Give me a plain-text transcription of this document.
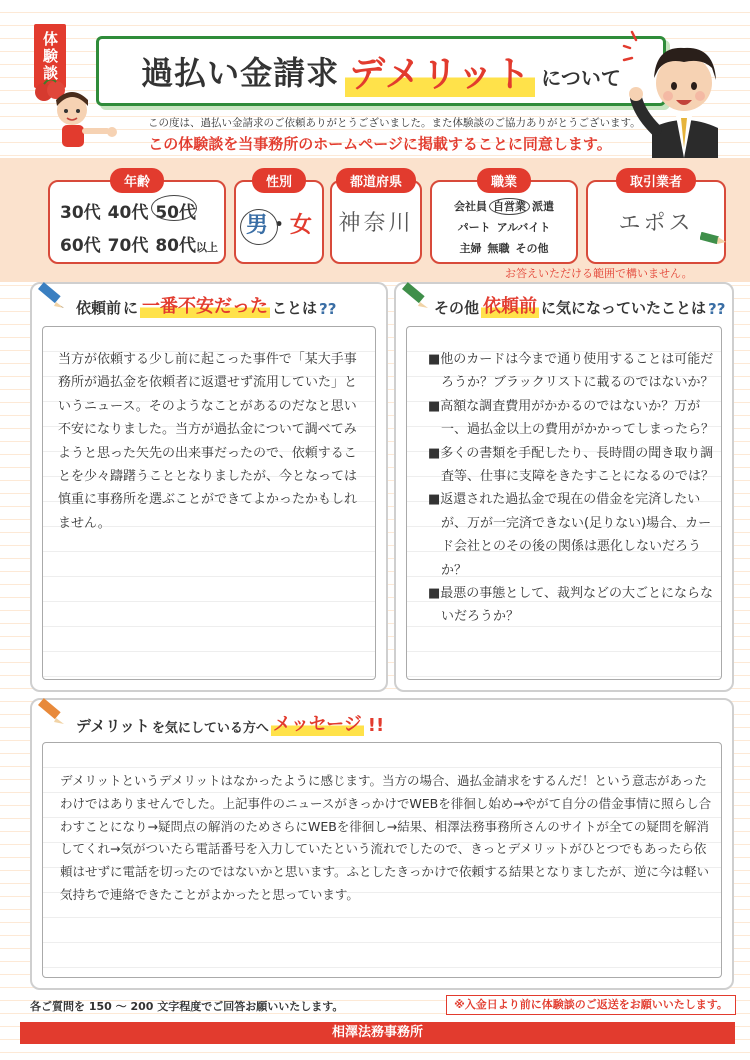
体験談	過払い金請求 デメリット について
この度は、過払い金請求のご依頼ありがとうございました。また体験談のご協力ありがとうございます。
この体験談を当事務所のホームページに掲載することに同意します。
年齢
30代 40代 50代
60代 70代 80代以上
性別
男・女
都道府県
神奈川
職業
会社員 自営業 派遣
パート アルバイト
主婦 無職 その他
取引業者
エポス
お答えいただける範囲で構いません。
依頼前 に 一番不安だった ことは ??
当方が依頼する少し前に起こった事件で「某大手事務所が過払金を依頼者に返還せず流用していた」というニュース。そのようなことがあるのだなと思い不安になりました。当方が過払金について調べてみようと思った矢先の出来事だったので、依頼することを少々躊躇うこととなりましたが、今となっては慎重に事務所を選ぶことができてよかったかもしれません。
その他 依頼前 に気になっていたことは ??
■他のカードは今まで通り使用することは可能だろうか？ブラックリストに載るのではないか？
■高額な調査費用がかかるのではないか？万が一、過払金以上の費用がかかってしまったら？
■多くの書類を手配したり、長時間の聞き取り調査等、仕事に支障をきたすことになるのでは？
■返還された過払金で現在の借金を完済したいが、万が一完済できない(足りない)場合、カード会社とのその後の関係は悪化しないだろうか？
■最悪の事態として、裁判などの大ごとにならないだろうか？
デメリット を気にしている方へ メッセージ !!
デメリットというデメリットはなかったように感じます。当方の場合、過払金請求をするんだ！という意志があったわけではありませんでした。上記事件のニュースがきっかけでWEBを徘徊し始め→やがて自分の借金事情に照らし合わすことになり→疑問点の解消のためさらにWEBを徘徊し→結果、相澤法務事務所さんのサイトが全ての疑問を解消してくれ→気がついたら電話番号を入力していたという流れでしたので、きっとデメリットがひとつでもあったら依頼はせずに電話を切ったのではないかと思います。ふとしたきっかけで依頼する結果となりましたが、逆に今は軽い気持ちで連絡できたことがよかったと思っています。
各ご質問を 150 ～ 200 文字程度でご回答お願いいたします。	※入金日より前に体験談のご返送をお願いいたします。
相澤法務事務所
